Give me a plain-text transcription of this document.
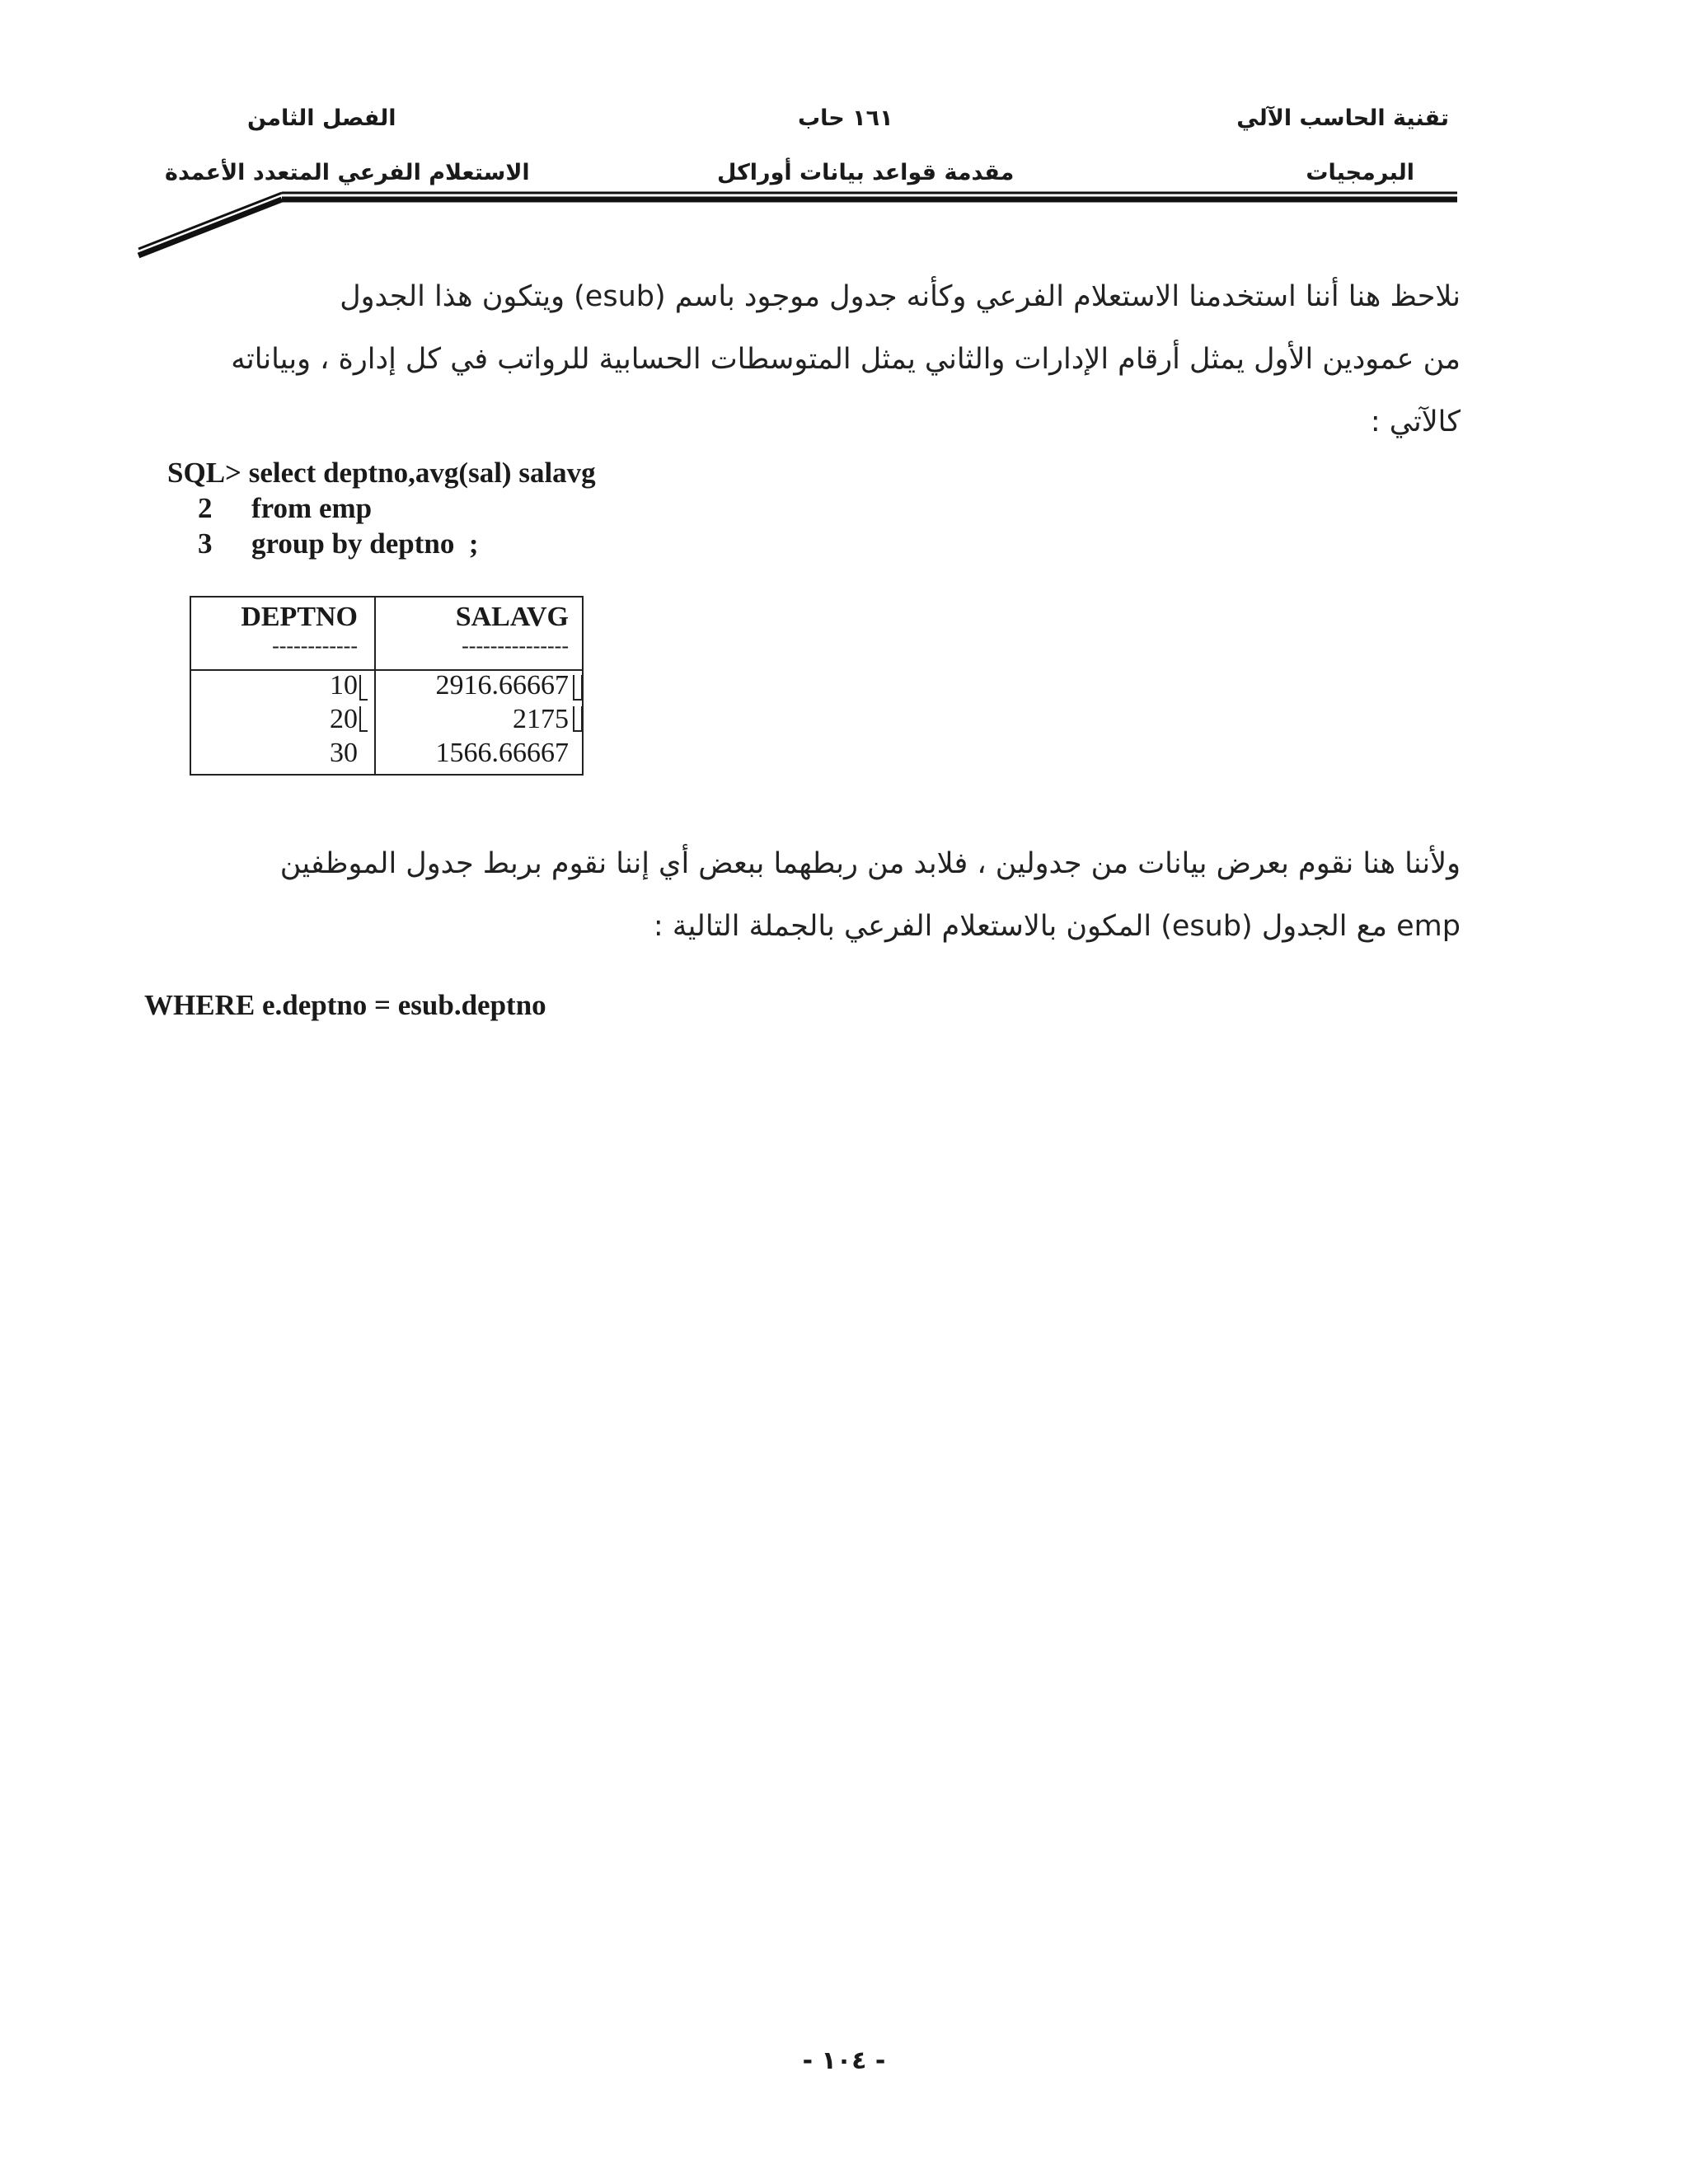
تقنية الحاسب الآلي
البرمجيات
١٦١ حاب
مقدمة قواعد بيانات أوراكل
الفصل الثامن
الاستعلام الفرعي المتعدد الأعمدة
نلاحظ هنا أننا استخدمنا الاستعلام الفرعي وكأنه جدول موجود باسم (esub) ويتكون هذا الجدول
من عمودين الأول يمثل أرقام الإدارات والثاني يمثل المتوسطات الحسابية للرواتب في كل إدارة ، وبياناته
كالآتي :
SQL> select deptno,avg(sal) salavg
2 from emp
3 group by deptno  ;
DEPTNO	SALAVG
------------	---------------
10	2916.66667
20	2175
30	1566.66667
ولأننا هنا نقوم بعرض بيانات من جدولين ، فلابد من ربطهما ببعض أي إننا نقوم بربط جدول الموظفين
emp مع الجدول (esub) المكون بالاستعلام الفرعي بالجملة التالية :
WHERE e.deptno = esub.deptno
- ١٠٤ -
